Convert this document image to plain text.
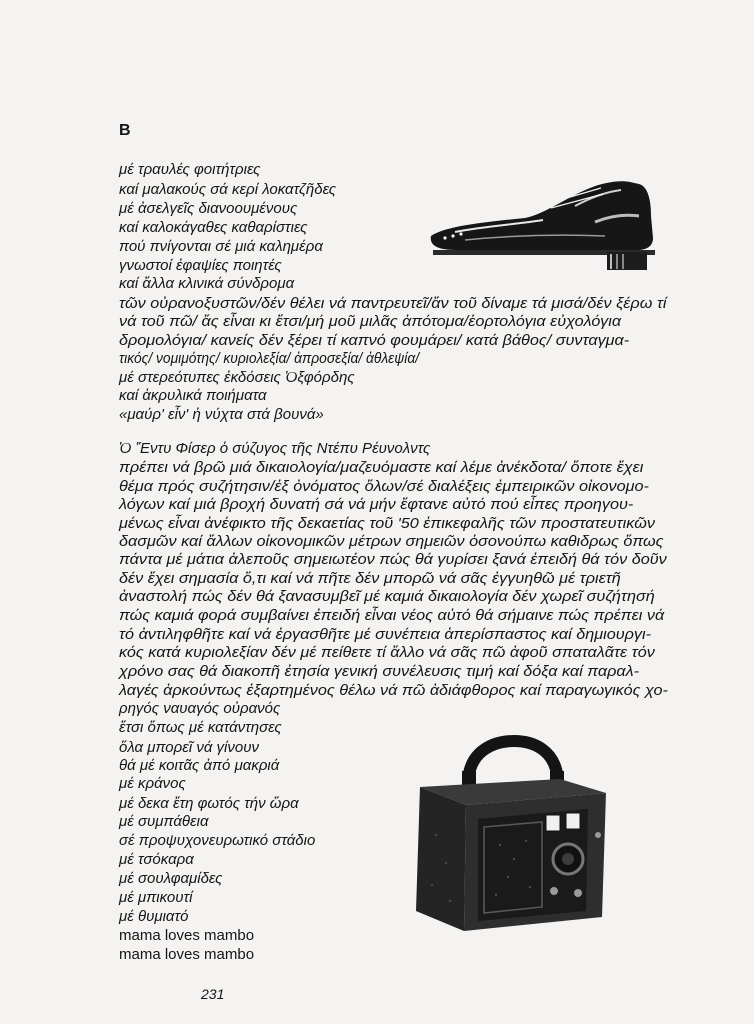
B
μέ τραυλές φοιτήτριες
καί μαλακούς σά κερί λοκατζῆδες
μέ ἀσελγεῖς διανοουμένους
καί καλοκάγαθες καθαρίστιες
πού πνίγονται σέ μιά καλημέρα
γνωστοί ἐφαψίες ποιητές
καί ἄλλα κλινικά σύνδρομα
τῶν οὐρανοξυστῶν/δέν θέλει νά παντρευτεῖ/ἄν τοῦ δίναμε τά μισά/δέν ξέρω τί
νά τοῦ πῶ/ ἄς εἶναι κι ἔτσι/μή μοῦ μιλᾶς ἀπότομα/ἑορτολόγια εὐχολόγια
δρομολόγια/ κανείς δέν ξέρει τί καπνό φουμάρει/ κατά βάθος/ συνταγμα-
τικός/ νομιμότης/ κυριολεξία/ ἀπροσεξία/ ἀθλεψία/
μέ στερεότυπες ἐκδόσεις Ὀξφόρδης
καί ἀκρυλικά ποιήματα
«μαύρ' εἶν' ἡ νύχτα στά βουνά»
Ὁ Ἔντυ Φίσερ ὁ σύζυγος τῆς Ντέπυ Ρέυνολντς
πρέπει νά βρῶ μιά δικαιολογία/μαζευόμαστε καί λέμε ἀνέκδοτα/ ὅποτε ἔχει
θέμα πρός συζήτησιν/ἐξ ὀνόματος ὅλων/σέ διαλέξεις ἐμπειρικῶν οἰκονομο-
λόγων καί μιά βροχή δυνατή σά νά μήν ἔφτανε αὐτό πού εἶπες προηγου-
μένως εἶναι ἀνέφικτο τῆς δεκαετίας τοῦ '50 ἐπικεφαλῆς τῶν προστατευτικῶν
δασμῶν καί ἄλλων οἰκονομικῶν μέτρων σημειῶν ὁσονούπω καθιδρως ὅπως
πάντα μέ μάτια ἀλεποῦς σημειωτέον πώς θά γυρίσει ξανά ἐπειδή θά τόν δοῦν
δέν ἔχει σημασία ὅ,τι καί νά πῆτε δέν μπορῶ νά σᾶς ἐγγυηθῶ μέ τριετῆ
ἀναστολή πώς δέν θά ξανασυμβεῖ μέ καμιά δικαιολογία δέν χωρεῖ συζήτησή
πώς καμιά φορά συμβαίνει ἐπειδή εἶναι νέος αὐτό θά σήμαινε πώς πρέπει νά
τό ἀντιληφθῆτε καί νά ἐργασθῆτε μέ συνέπεια ἀπερίσπαστος καί δημιουργι-
κός κατά κυριολεξίαν δέν μέ πείθετε τί ἄλλο νά σᾶς πῶ ἀφοῦ σπαταλᾶτε τόν
χρόνο σας θά διακοπῆ ἐτησία γενική συνέλευσις τιμή καί δόξα καί παραλ-
λαγές ἀρκούντως ἐξαρτημένος θέλω νά πῶ ἀδιάφθορος καί παραγωγικός χο-
ρηγός ναυαγός οὐρανός
ἔτσι ὅπως μέ κατάντησες
ὅλα μπορεῖ νά γίνουν
θά μέ κοιτᾶς ἀπό μακριά
μέ κράνος
μέ δεκα ἔτη φωτός τήν ὥρα
μέ συμπάθεια
σέ προψυχονευρωτικό στάδιο
μέ τσόκαρα
μέ σουλφαμίδες
μέ μπικουτί
μέ θυμιατό
mama loves mambo
mama loves mambo
231
